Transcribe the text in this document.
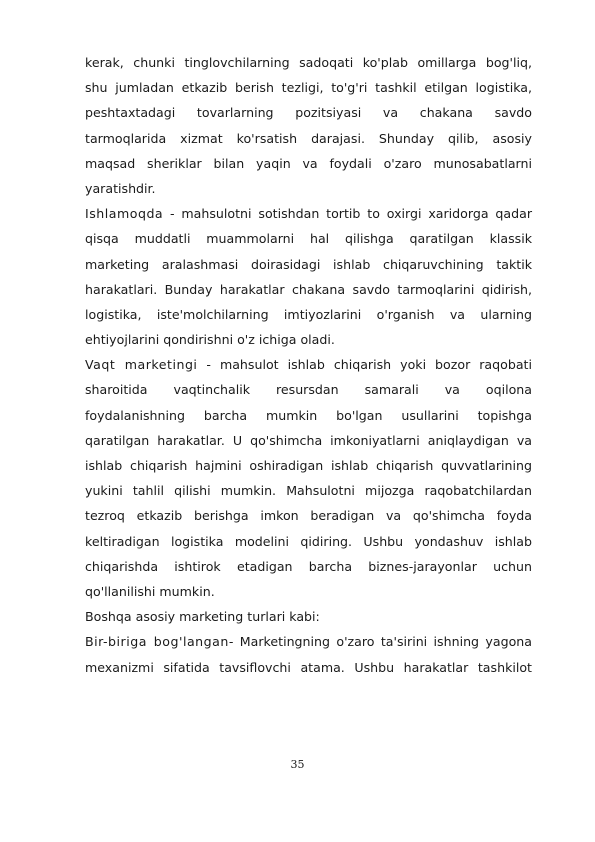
kerak, chunki tinglovchilarning sadoqati ko'plab omillarga bog'liq,
shu jumladan etkazib berish tezligi, to'g'ri tashkil etilgan logistika,
peshtaxtadagi tovarlarning pozitsiyasi va chakana savdo
tarmoqlarida xizmat ko'rsatish darajasi. Shunday qilib, asosiy
maqsad sheriklar bilan yaqin va foydali o'zaro munosabatlarni
yaratishdir.
Ishlamoqda - mahsulotni sotishdan tortib to oxirgi xaridorga qadar
qisqa muddatli muammolarni hal qilishga qaratilgan klassik
marketing aralashmasi doirasidagi ishlab chiqaruvchining taktik
harakatlari. Bunday harakatlar chakana savdo tarmoqlarini qidirish,
logistika, iste'molchilarning imtiyozlarini o'rganish va ularning
ehtiyojlarini qondirishni o'z ichiga oladi.
Vaqt marketingi - mahsulot ishlab chiqarish yoki bozor raqobati
sharoitida vaqtinchalik resursdan samarali va oqilona
foydalanishning barcha mumkin bo'lgan usullarini topishga
qaratilgan harakatlar. U qo'shimcha imkoniyatlarni aniqlaydigan va
ishlab chiqarish hajmini oshiradigan ishlab chiqarish quvvatlarining
yukini tahlil qilishi mumkin. Mahsulotni mijozga raqobatchilardan
tezroq etkazib berishga imkon beradigan va qo'shimcha foyda
keltiradigan logistika modelini qidiring. Ushbu yondashuv ishlab
chiqarishda ishtirok etadigan barcha biznes-jarayonlar uchun
qo'llanilishi mumkin.
Boshqa asosiy marketing turlari kabi:
Bir-biriga bog'langan- Marketingning o'zaro ta'sirini ishning yagona
mexanizmi sifatida tavsiflovchi atama. Ushbu harakatlar tashkilot
35
